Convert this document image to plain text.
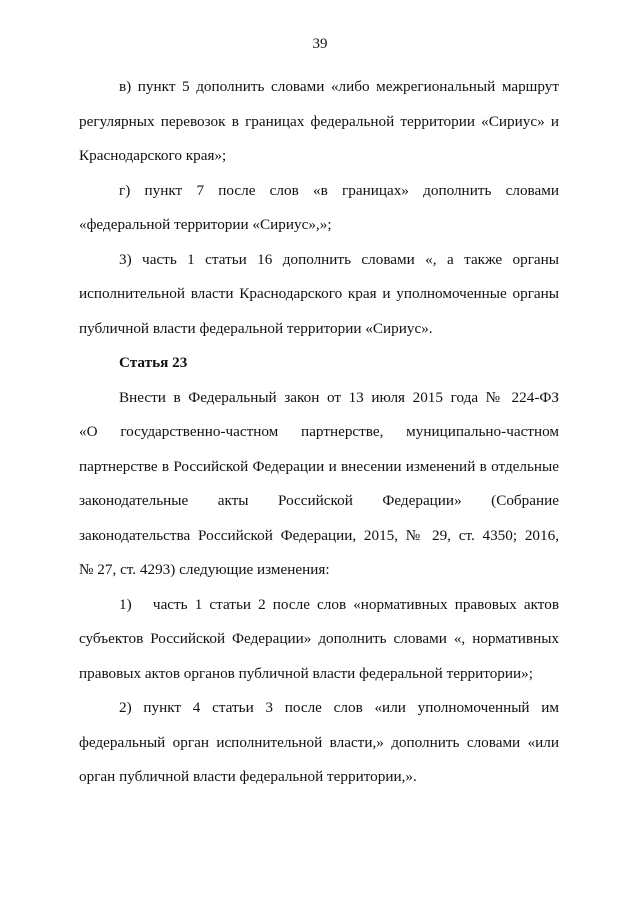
39
в) пункт 5 дополнить словами «либо межрегиональный маршрут
регулярных перевозок в границах федеральной территории «Сириус» и
Краснодарского края»;
г) пункт 7 после слов «в границах» дополнить словами
«федеральной территории «Сириус»,»;
3) часть 1 статьи 16 дополнить словами «, а также органы
исполнительной власти Краснодарского края и уполномоченные органы
публичной власти федеральной территории «Сириус».
Статья 23
Внести в Федеральный закон от 13 июля 2015 года № 224-ФЗ
«О государственно-частном партнерстве, муниципально-частном
партнерстве в Российской Федерации и внесении изменений в отдельные
законодательные акты Российской Федерации» (Собрание
законодательства Российской Федерации, 2015, № 29, ст. 4350; 2016,
№ 27, ст. 4293) следующие изменения:
1)   часть 1 статьи 2 после слов «нормативных правовых актов
субъектов Российской Федерации» дополнить словами «, нормативных
правовых актов органов публичной власти федеральной территории»;
2) пункт 4 статьи 3 после слов «или уполномоченный им
федеральный орган исполнительной власти,» дополнить словами «или
орган публичной власти федеральной территории,».
